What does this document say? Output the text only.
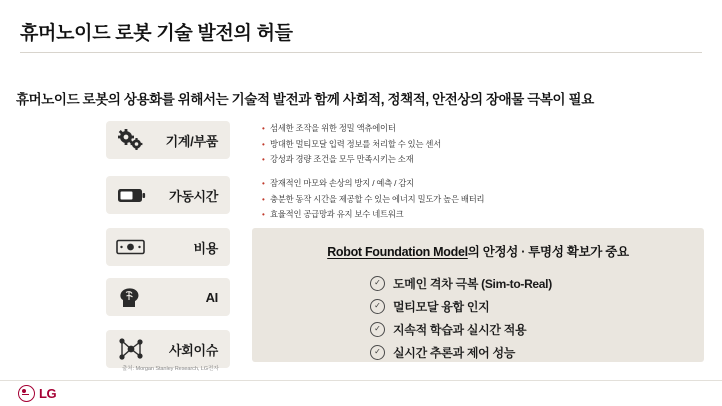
휴머노이드 로봇 기술 발전의 허들
휴머노이드 로봇의 상용화를 위해서는 기술적 발전과 함께 사회적, 정책적, 안전상의 장애물 극복이 필요
기계/부품
가동시간
비용
AI
사회이슈
• 섬세한 조작을 위한 정밀 액츄에이터
• 방대한 멀티모달 입력 정보를 처리할 수 있는 센서
• 강성과 경량 조건을 모두 만족시키는 소재
• 잠재적인 마모와 손상의 방지 / 예측 / 감지
• 충분한 동작 시간을 제공할 수 있는 에너지 밀도가 높은 배터리
• 효율적인 공급망과 유지 보수 네트워크
Robot Foundation Model의 안정성 · 투명성 확보가 중요
✓	도메인 격차 극복 (Sim-to-Real)
✓	멀티모달 융합 인지
✓	지속적 학습과 실시간 적용
✓	실시간 추론과 제어 성능
출처: Morgan Stanley Research, LG전자
LG
